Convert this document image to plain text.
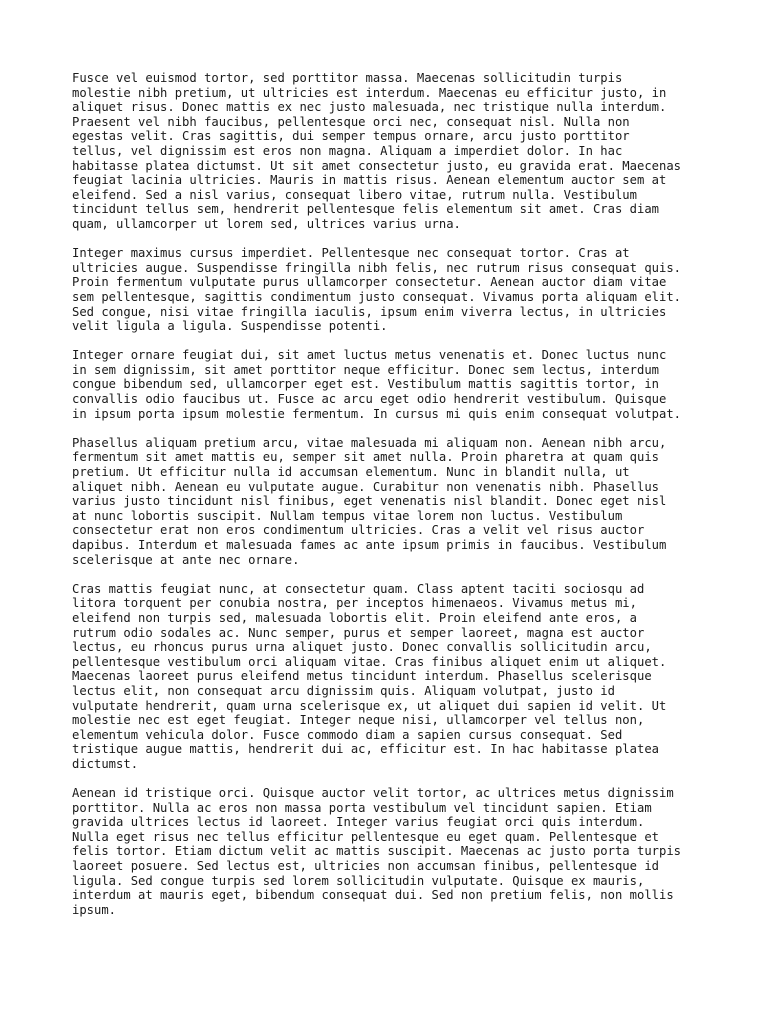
Fusce vel euismod tortor, sed porttitor massa. Maecenas sollicitudin turpis
molestie nibh pretium, ut ultricies est interdum. Maecenas eu efficitur justo, in
aliquet risus. Donec mattis ex nec justo malesuada, nec tristique nulla interdum.
Praesent vel nibh faucibus, pellentesque orci nec, consequat nisl. Nulla non
egestas velit. Cras sagittis, dui semper tempus ornare, arcu justo porttitor
tellus, vel dignissim est eros non magna. Aliquam a imperdiet dolor. In hac
habitasse platea dictumst. Ut sit amet consectetur justo, eu gravida erat. Maecenas
feugiat lacinia ultricies. Mauris in mattis risus. Aenean elementum auctor sem at
eleifend. Sed a nisl varius, consequat libero vitae, rutrum nulla. Vestibulum
tincidunt tellus sem, hendrerit pellentesque felis elementum sit amet. Cras diam
quam, ullamcorper ut lorem sed, ultrices varius urna.

Integer maximus cursus imperdiet. Pellentesque nec consequat tortor. Cras at
ultricies augue. Suspendisse fringilla nibh felis, nec rutrum risus consequat quis.
Proin fermentum vulputate purus ullamcorper consectetur. Aenean auctor diam vitae
sem pellentesque, sagittis condimentum justo consequat. Vivamus porta aliquam elit.
Sed congue, nisi vitae fringilla iaculis, ipsum enim viverra lectus, in ultricies
velit ligula a ligula. Suspendisse potenti.

Integer ornare feugiat dui, sit amet luctus metus venenatis et. Donec luctus nunc
in sem dignissim, sit amet porttitor neque efficitur. Donec sem lectus, interdum
congue bibendum sed, ullamcorper eget est. Vestibulum mattis sagittis tortor, in
convallis odio faucibus ut. Fusce ac arcu eget odio hendrerit vestibulum. Quisque
in ipsum porta ipsum molestie fermentum. In cursus mi quis enim consequat volutpat.

Phasellus aliquam pretium arcu, vitae malesuada mi aliquam non. Aenean nibh arcu,
fermentum sit amet mattis eu, semper sit amet nulla. Proin pharetra at quam quis
pretium. Ut efficitur nulla id accumsan elementum. Nunc in blandit nulla, ut
aliquet nibh. Aenean eu vulputate augue. Curabitur non venenatis nibh. Phasellus
varius justo tincidunt nisl finibus, eget venenatis nisl blandit. Donec eget nisl
at nunc lobortis suscipit. Nullam tempus vitae lorem non luctus. Vestibulum
consectetur erat non eros condimentum ultricies. Cras a velit vel risus auctor
dapibus. Interdum et malesuada fames ac ante ipsum primis in faucibus. Vestibulum
scelerisque at ante nec ornare.

Cras mattis feugiat nunc, at consectetur quam. Class aptent taciti sociosqu ad
litora torquent per conubia nostra, per inceptos himenaeos. Vivamus metus mi,
eleifend non turpis sed, malesuada lobortis elit. Proin eleifend ante eros, a
rutrum odio sodales ac. Nunc semper, purus et semper laoreet, magna est auctor
lectus, eu rhoncus purus urna aliquet justo. Donec convallis sollicitudin arcu,
pellentesque vestibulum orci aliquam vitae. Cras finibus aliquet enim ut aliquet.
Maecenas laoreet purus eleifend metus tincidunt interdum. Phasellus scelerisque
lectus elit, non consequat arcu dignissim quis. Aliquam volutpat, justo id
vulputate hendrerit, quam urna scelerisque ex, ut aliquet dui sapien id velit. Ut
molestie nec est eget feugiat. Integer neque nisi, ullamcorper vel tellus non,
elementum vehicula dolor. Fusce commodo diam a sapien cursus consequat. Sed
tristique augue mattis, hendrerit dui ac, efficitur est. In hac habitasse platea
dictumst.

Aenean id tristique orci. Quisque auctor velit tortor, ac ultrices metus dignissim
porttitor. Nulla ac eros non massa porta vestibulum vel tincidunt sapien. Etiam
gravida ultrices lectus id laoreet. Integer varius feugiat orci quis interdum.
Nulla eget risus nec tellus efficitur pellentesque eu eget quam. Pellentesque et
felis tortor. Etiam dictum velit ac mattis suscipit. Maecenas ac justo porta turpis
laoreet posuere. Sed lectus est, ultricies non accumsan finibus, pellentesque id
ligula. Sed congue turpis sed lorem sollicitudin vulputate. Quisque ex mauris,
interdum at mauris eget, bibendum consequat dui. Sed non pretium felis, non mollis
ipsum.
